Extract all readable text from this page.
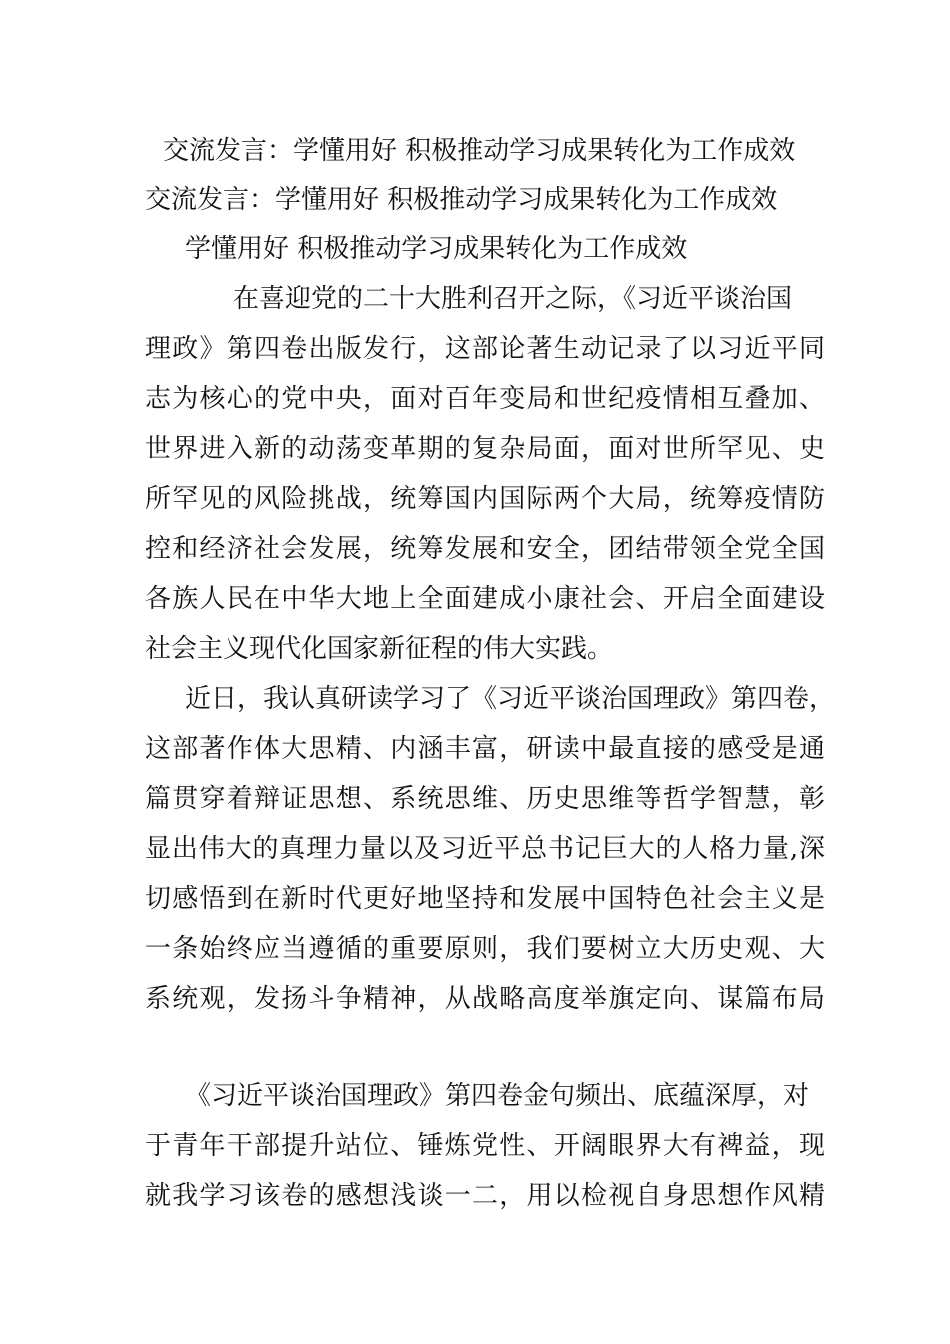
交流发言：学懂用好 积极推动学习成果转化为工作成效
交流发言：学懂用好 积极推动学习成果转化为工作成效
学懂用好 积极推动学习成果转化为工作成效
在喜迎党的二十大胜利召开之际，《习近平谈治国
理政》第四卷出版发行，这部论著生动记录了以习近平同
志为核心的党中央，面对百年变局和世纪疫情相互叠加、
世界进入新的动荡变革期的复杂局面，面对世所罕见、史
所罕见的风险挑战，统筹国内国际两个大局，统筹疫情防
控和经济社会发展，统筹发展和安全，团结带领全党全国
各族人民在中华大地上全面建成小康社会、开启全面建设
社会主义现代化国家新征程的伟大实践。
近日，我认真研读学习了《习近平谈治国理政》第四卷，
这部著作体大思精、内涵丰富，研读中最直接的感受是通
篇贯穿着辩证思想、系统思维、历史思维等哲学智慧，彰
显出伟大的真理力量以及习近平总书记巨大的人格力量,深
切感悟到在新时代更好地坚持和发展中国特色社会主义是
一条始终应当遵循的重要原则，我们要树立大历史观、大
系统观，发扬斗争精神，从战略高度举旗定向、谋篇布局
《习近平谈治国理政》第四卷金句频出、底蕴深厚，对
于青年干部提升站位、锤炼党性、开阔眼界大有裨益，现
就我学习该卷的感想浅谈一二，用以检视自身思想作风精
